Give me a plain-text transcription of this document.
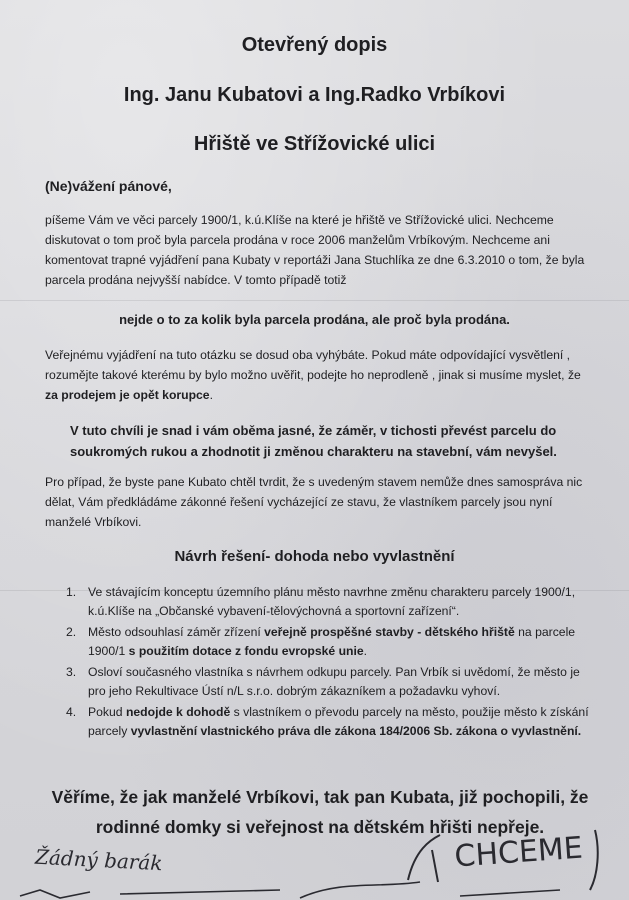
Otevřený dopis
Ing. Janu Kubatovi a Ing.Radko Vrbíkovi
Hřiště ve Střížovické ulici
(Ne)vážení pánové,

píšeme Vám ve věci parcely 1900/1, k.ú.Klíše na které je hřiště ve Střížovické ulici. Nechceme diskutovat o tom proč byla parcela prodána v roce 2006 manželům Vrbíkovým. Nechceme ani komentovat trapné vyjádření pana Kubaty v reportáži Jana Stuchlíka ze dne 6.3.2010 o tom, že byla parcela prodána nejvyšší nabídce. V tomto případě totiž

nejde o to za kolik byla parcela prodána, ale proč byla prodána.

Veřejnému vyjádření na tuto otázku se dosud oba vyhýbáte. Pokud máte odpovídající vysvětlení , rozumějte takové kterému by bylo možno uvěřit, podejte ho neprodleně , jinak si musíme myslet, že za prodejem je opět korupce.

V tuto chvíli je snad i vám oběma jasné, že záměr, v tichosti převést parcelu do soukromých rukou a zhodnotit ji změnou charakteru na stavební, vám nevyšel.

Pro případ, že byste pane Kubato chtěl tvrdit, že s uvedeným stavem nemůže dnes samospráva nic dělat, Vám předkládáme zákonné řešení vycházející ze stavu, že vlastníkem parcely jsou nyní manželé Vrbíkovi.

Návrh řešení- dohoda nebo vyvlastnění
1. Ve stávajícím konceptu územního plánu město navrhne změnu charakteru parcely 1900/1, k.ú.Klíše na „Občanské vybavení-tělovýchovná a sportovní zařízení“.
2. Město odsouhlasí záměr zřízení veřejně prospěšné stavby - dětského hřiště na parcele 1900/1 s použitím dotace z fondu evropské unie.
3. Osloví současného vlastníka s návrhem odkupu parcely. Pan Vrbík si uvědomí, že město je pro jeho Rekultivace Ústí n/L s.r.o. dobrým zákazníkem a požadavku vyhoví.
4. Pokud nedojde k dohodě s vlastníkem o převodu parcely na město, použije město k získání parcely vyvlastnění vlastnického práva dle zákona 184/2006 Sb. zákona o vyvlastnění.
Věříme, že jak manželé Vrbíkovi, tak pan Kubata, již pochopili, že rodinné domky si veřejnost na dětském hřišti nepřeje.
Žádný barák	CHCEME
